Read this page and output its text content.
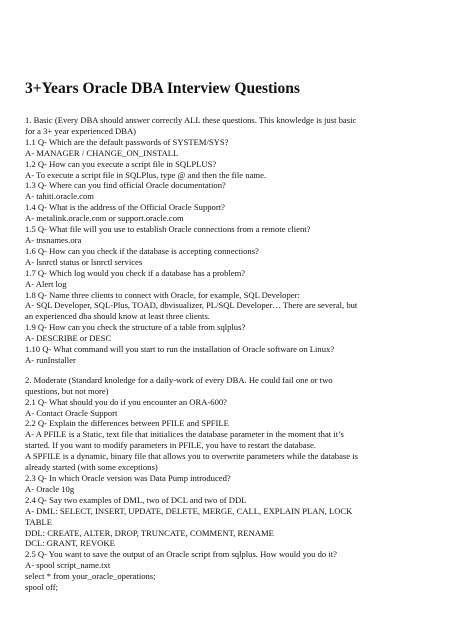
3+Years Oracle DBA Interview Questions
1. Basic (Every DBA should answer correctly ALL these questions. This knowledge is just basic
for a 3+ year experienced DBA)
1.1 Q- Which are the default passwords of SYSTEM/SYS?
A- MANAGER / CHANGE_ON_INSTALL
1.2 Q- How can you execute a script file in SQLPLUS?
A- To execute a script file in SQLPlus, type @ and then the file name.
1.3 Q- Where can you find official Oracle documentation?
A- tahiti.oracle.com
1.4 Q- What is the address of the Official Oracle Support?
A- metalink.oracle.com or support.oracle.com
1.5 Q- What file will you use to establish Oracle connections from a remote client?
A- tnsnames.ora
1.6 Q- How can you check if the database is accepting connections?
A- lsnrctl status or lsnrctl services
1.7 Q- Which log would you check if a database has a problem?
A- Alert log
1.8 Q- Name three clients to connect with Oracle, for example, SQL Developer:
A- SQL Developer, SQL-Plus, TOAD, dbvisualizer, PL/SQL Developer… There are several, but
an experienced dba should know at least three clients.
1.9 Q- How can you check the structure of a table from sqlplus?
A- DESCRIBE or DESC
1.10 Q- What command will you start to run the installation of Oracle software on Linux?
A- runInstaller
2. Moderate (Standard knoledge for a daily-work of every DBA. He could fail one or two
questions, but not more)
2.1 Q- What should you do if you encounter an ORA-600?
A- Contact Oracle Support
2.2 Q- Explain the differences between PFILE and SPFILE
A- A PFILE is a Static, text file that initialices the database parameter in the moment that it’s
started. If you want to modify parameters in PFILE, you have to restart the database.
A SPFILE is a dynamic, binary file that allows you to overwrite parameters while the database is
already started (with some exceptions)
2.3 Q- In which Oracle version was Data Pump introduced?
A- Oracle 10g
2.4 Q- Say two examples of DML, two of DCL and two of DDL
A- DML: SELECT, INSERT, UPDATE, DELETE, MERGE, CALL, EXPLAIN PLAN, LOCK
TABLE
DDL: CREATE, ALTER, DROP, TRUNCATE, COMMENT, RENAME
DCL: GRANT, REVOKE
2.5 Q- You want to save the output of an Oracle script from sqlplus. How would you do it?
A- spool script_name.txt
select * from your_oracle_operations;
spool off;
